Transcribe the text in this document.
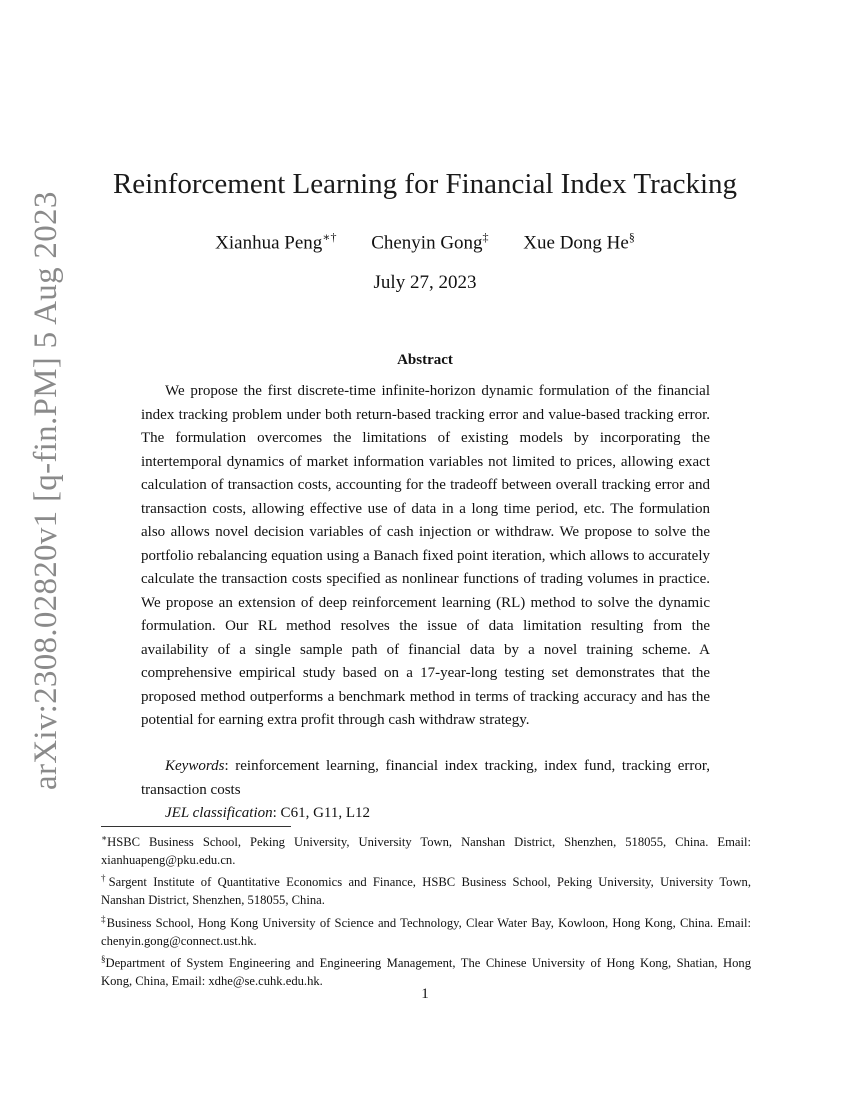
arXiv:2308.02820v1 [q-fin.PM] 5 Aug 2023
Reinforcement Learning for Financial Index Tracking
Xianhua Peng∗† Chenyin Gong‡ Xue Dong He§
July 27, 2023
Abstract

We propose the first discrete-time infinite-horizon dynamic formulation of the financial index tracking problem under both return-based tracking error and value-based tracking error. The formulation overcomes the limitations of existing models by incorporating the intertemporal dynamics of market information variables not limited to prices, allowing exact calculation of transaction costs, accounting for the tradeoff between overall tracking error and transaction costs, allowing effective use of data in a long time period, etc. The formulation also allows novel decision variables of cash injection or withdraw. We propose to solve the portfolio rebalancing equation using a Banach fixed point iteration, which allows to accurately calculate the transaction costs specified as nonlinear functions of trading volumes in practice. We propose an extension of deep reinforcement learning (RL) method to solve the dynamic formulation. Our RL method resolves the issue of data limitation resulting from the availability of a single sample path of financial data by a novel training scheme. A comprehensive empirical study based on a 17-year-long testing set demonstrates that the proposed method outperforms a benchmark method in terms of tracking accuracy and has the potential for earning extra profit through cash withdraw strategy.

Keywords: reinforcement learning, financial index tracking, index fund, tracking error, transaction costs

JEL classification: C61, G11, L12

∗HSBC Business School, Peking University, University Town, Nanshan District, Shenzhen, 518055, China. Email: xianhuapeng@pku.edu.cn.

†Sargent Institute of Quantitative Economics and Finance, HSBC Business School, Peking University, University Town, Nanshan District, Shenzhen, 518055, China.

‡Business School, Hong Kong University of Science and Technology, Clear Water Bay, Kowloon, Hong Kong, China. Email: chenyin.gong@connect.ust.hk.

§Department of System Engineering and Engineering Management, The Chinese University of Hong Kong, Shatian, Hong Kong, China, Email: xdhe@se.cuhk.edu.hk.

1
